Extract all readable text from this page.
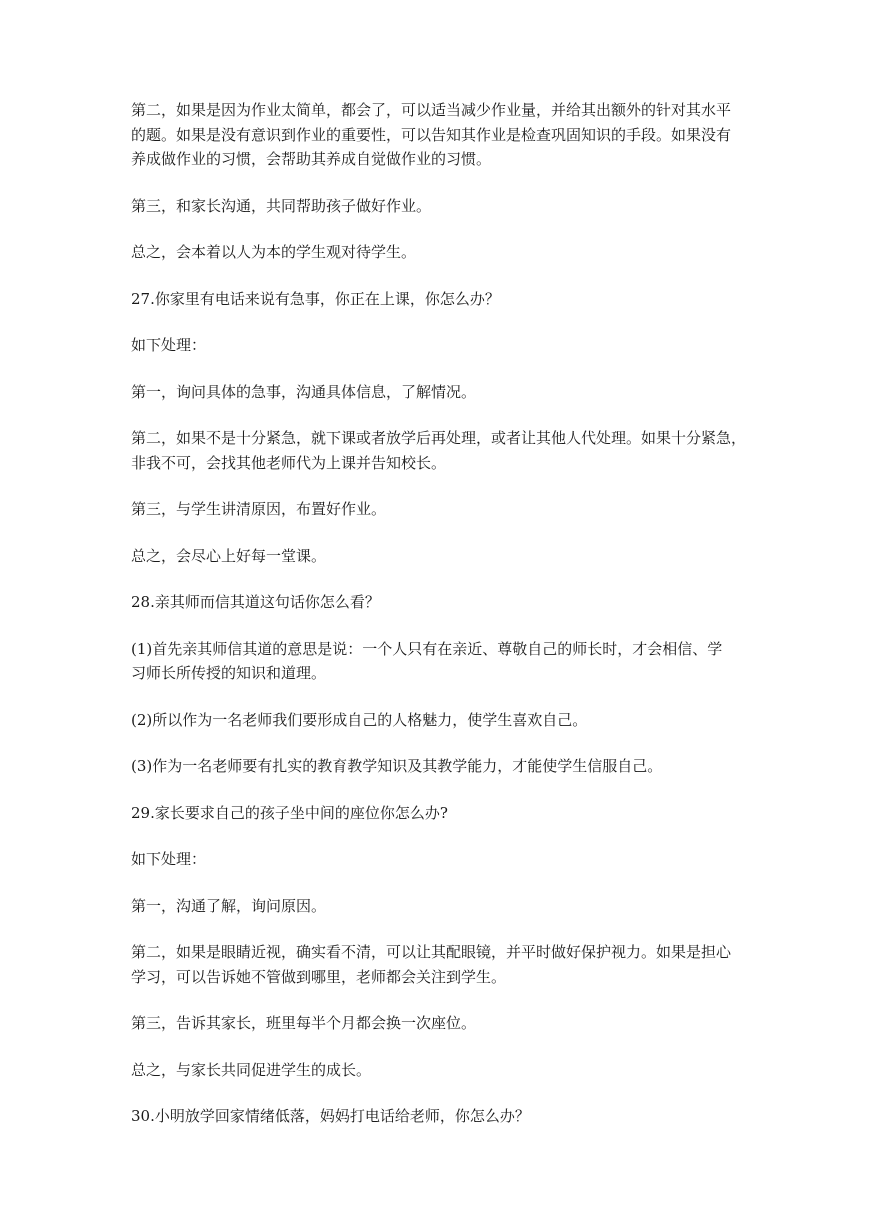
第二，如果是因为作业太简单，都会了，可以适当减少作业量，并给其出额外的针对其水平
的题。如果是没有意识到作业的重要性，可以告知其作业是检查巩固知识的手段。如果没有
养成做作业的习惯，会帮助其养成自觉做作业的习惯。

第三，和家长沟通，共同帮助孩子做好作业。

总之，会本着以人为本的学生观对待学生。

27.你家里有电话来说有急事，你正在上课，你怎么办？

如下处理：

第一，询问具体的急事，沟通具体信息，了解情况。

第二，如果不是十分紧急，就下课或者放学后再处理，或者让其他人代处理。如果十分紧急，
非我不可，会找其他老师代为上课并告知校长。

第三，与学生讲清原因，布置好作业。

总之，会尽心上好每一堂课。

28.亲其师而信其道这句话你怎么看？

(1)首先亲其师信其道的意思是说：一个人只有在亲近、尊敬自己的师长时，才会相信、学
习师长所传授的知识和道理。

(2)所以作为一名老师我们要形成自己的人格魅力，使学生喜欢自己。

(3)作为一名老师要有扎实的教育教学知识及其教学能力，才能使学生信服自己。

29.家长要求自己的孩子坐中间的座位你怎么办?

如下处理：

第一，沟通了解，询问原因。

第二，如果是眼睛近视，确实看不清，可以让其配眼镜，并平时做好保护视力。如果是担心
学习，可以告诉她不管做到哪里，老师都会关注到学生。

第三，告诉其家长，班里每半个月都会换一次座位。

总之，与家长共同促进学生的成长。

30.小明放学回家情绪低落，妈妈打电话给老师，你怎么办？
